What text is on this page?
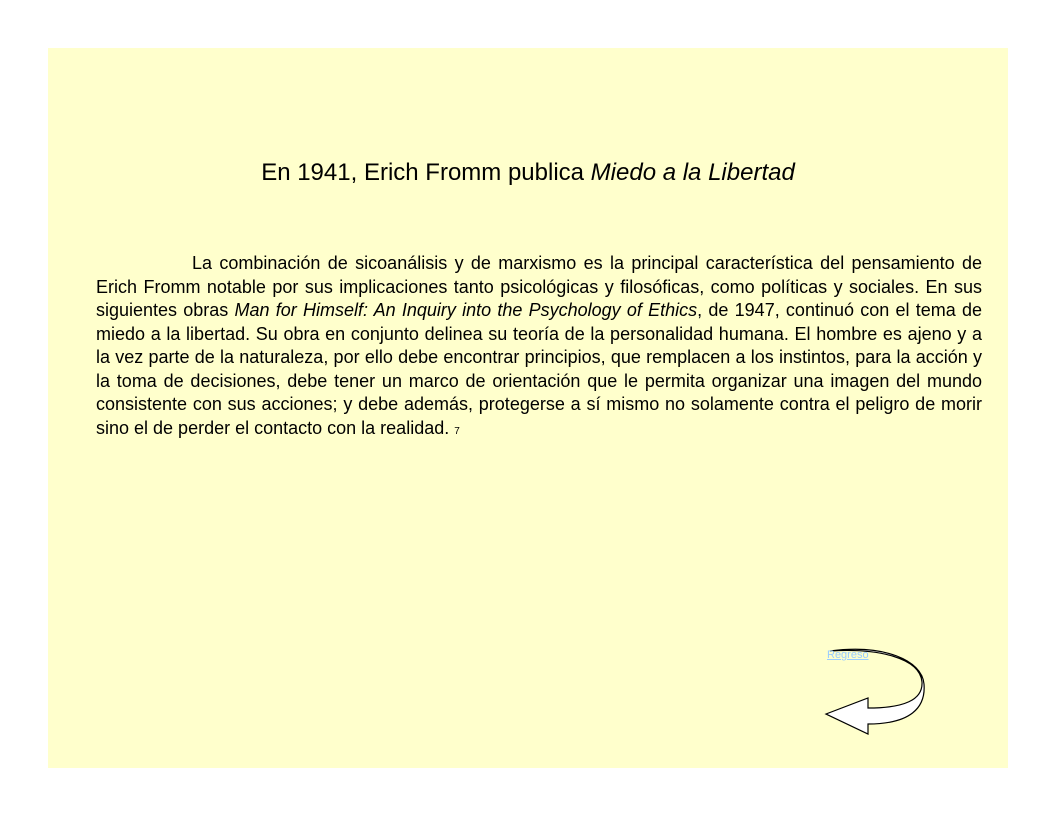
En 1941, Erich Fromm publica Miedo a la Libertad
La combinación de sicoanálisis y de marxismo es la principal característica del pensamiento de Erich Fromm notable por sus implicaciones tanto psicológicas y filosóficas, como políticas y sociales. En sus siguientes obras Man for Himself: An Inquiry into the Psychology of Ethics, de 1947, continuó con el tema de miedo a la libertad. Su obra en conjunto delinea su teoría de la personalidad humana. El hombre es ajeno y a la vez parte de la naturaleza, por ello debe encontrar principios, que remplacen a los instintos, para la acción y la toma de decisiones, debe tener un marco de orientación que le permita organizar una imagen del mundo consistente con sus acciones; y debe además, protegerse a sí mismo no solamente contra el peligro de morir sino el de perder el contacto con la realidad. 7
Regreso
